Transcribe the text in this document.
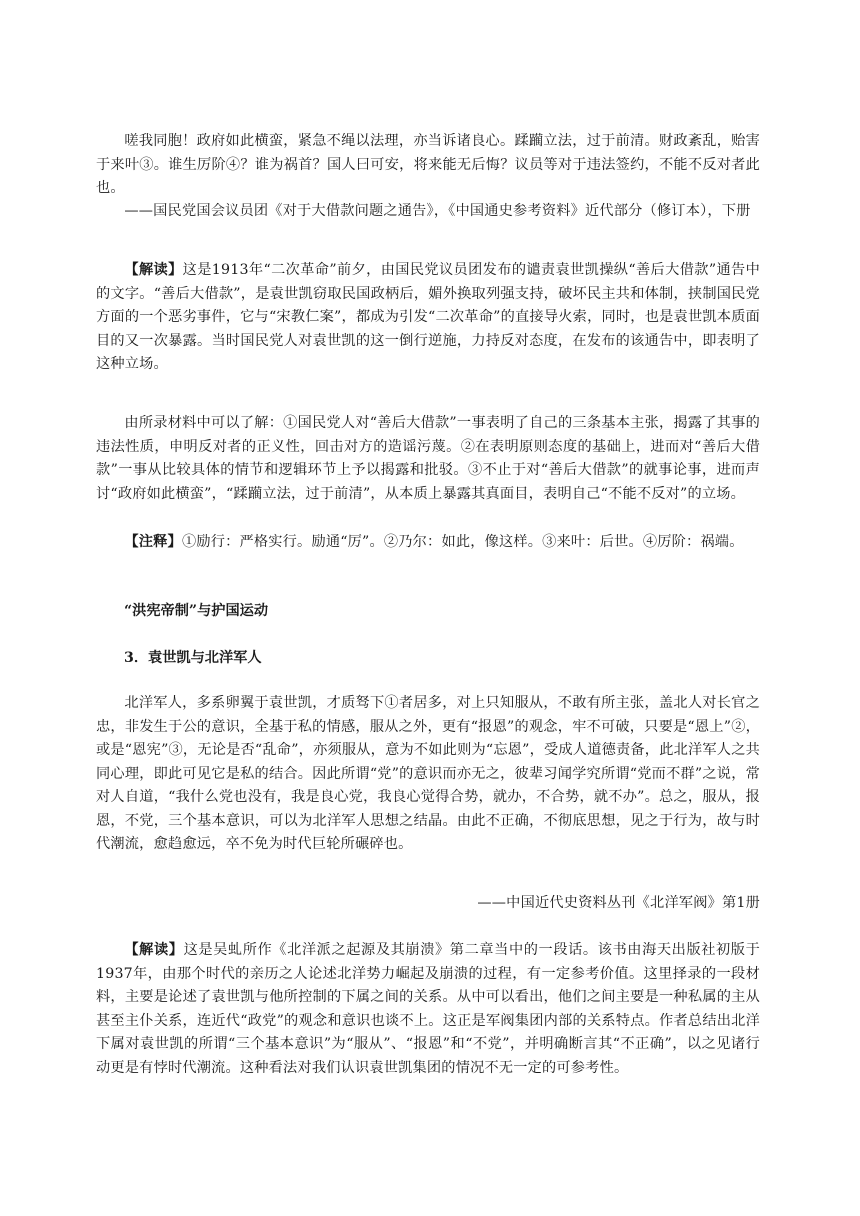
嗟我同胞！政府如此横蛮，紧急不绳以法理，亦当诉诸良心。蹂躏立法，过于前清。财政紊乱，贻害于来叶③。谁生厉阶④？谁为祸首？国人曰可安，将来能无后悔？议员等对于违法签约，不能不反对者此也。

——国民党国会议员团《对于大借款问题之通告》，《中国通史参考资料》近代部分（修订本），下册

【解读】这是1913年“二次革命”前夕，由国民党议员团发布的谴责袁世凯操纵“善后大借款”通告中的文字。“善后大借款”，是袁世凯窃取民国政柄后，媚外换取列强支持，破坏民主共和体制，挟制国民党方面的一个恶劣事件，它与“宋教仁案”，都成为引发“二次革命”的直接导火索，同时，也是袁世凯本质面目的又一次暴露。当时国民党人对袁世凯的这一倒行逆施，力持反对态度，在发布的该通告中，即表明了这种立场。

由所录材料中可以了解：①国民党人对“善后大借款”一事表明了自己的三条基本主张，揭露了其事的违法性质，申明反对者的正义性，回击对方的造谣污蔑。②在表明原则态度的基础上，进而对“善后大借款”一事从比较具体的情节和逻辑环节上予以揭露和批驳。③不止于对“善后大借款”的就事论事，进而声讨“政府如此横蛮”，“蹂躏立法，过于前清”，从本质上暴露其真面目，表明自己“不能不反对”的立场。

【注释】①励行：严格实行。励通“厉”。②乃尔：如此，像这样。③来叶：后世。④厉阶：祸端。

“洪宪帝制”与护国运动

3．袁世凯与北洋军人

北洋军人，多系卵翼于袁世凯，才质驽下①者居多，对上只知服从，不敢有所主张，盖北人对长官之忠，非发生于公的意识，全基于私的情感，服从之外，更有“报恩”的观念，牢不可破，只要是“恩上”②，或是“恩宪”③，无论是否“乱命”，亦须服从，意为不如此则为“忘恩”，受成人道德责备，此北洋军人之共同心理，即此可见它是私的结合。因此所谓“党”的意识而亦无之，彼辈习闻学究所谓“党而不群”之说，常对人自道，“我什么党也没有，我是良心党，我良心觉得合势，就办，不合势，就不办”。总之，服从，报恩，不党，三个基本意识，可以为北洋军人思想之结晶。由此不正确，不彻底思想，见之于行为，故与时代潮流，愈趋愈远，卒不免为时代巨轮所碾碎也。

——中国近代史资料丛刊《北洋军阀》第1册

【解读】这是吴虬所作《北洋派之起源及其崩溃》第二章当中的一段话。该书由海天出版社初版于1937年，由那个时代的亲历之人论述北洋势力崛起及崩溃的过程，有一定参考价值。这里择录的一段材料，主要是论述了袁世凯与他所控制的下属之间的关系。从中可以看出，他们之间主要是一种私属的主从甚至主仆关系，连近代“政党”的观念和意识也谈不上。这正是军阀集团内部的关系特点。作者总结出北洋下属对袁世凯的所谓“三个基本意识”为“服从”、“报恩”和“不党”，并明确断言其“不正确”，以之见诸行动更是有悖时代潮流。这种看法对我们认识袁世凯集团的情况不无一定的可参考性。
